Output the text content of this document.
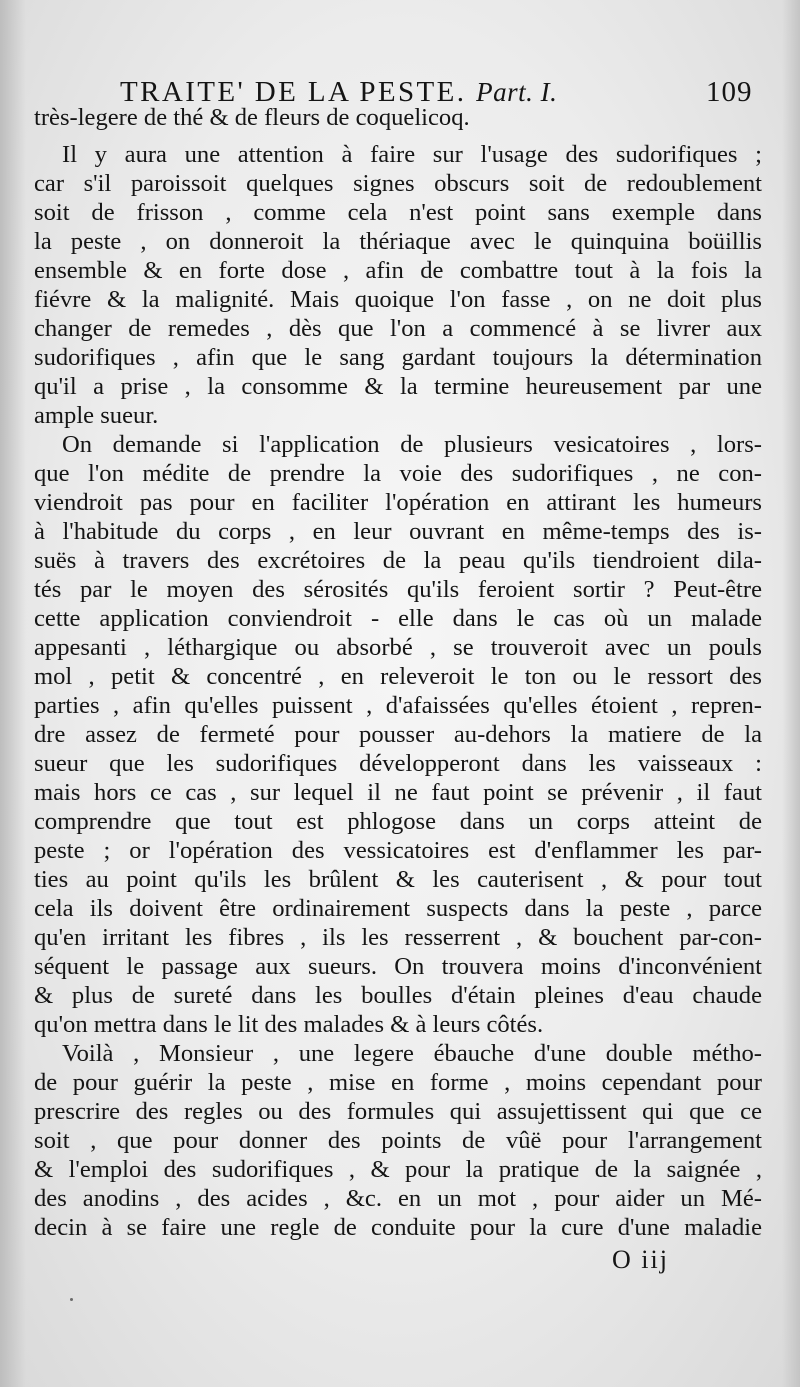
TRAITE' DE LA PESTE. Part. I.	109
très-legere de thé & de fleurs de coquelicoq.
Il y aura une attention à faire sur l'usage des sudorifiques ;
car s'il paroissoit quelques signes obscurs soit de redoublement
soit de frisson , comme cela n'est point sans exemple dans
la peste , on donneroit la thériaque avec le quinquina boüillis
ensemble & en forte dose , afin de combattre tout à la fois la
fiévre & la malignité. Mais quoique l'on fasse , on ne doit plus
changer de remedes , dès que l'on a commencé à se livrer aux
sudorifiques , afin que le sang gardant toujours la détermination
qu'il a prise , la consomme & la termine heureusement par une
ample sueur.
On demande si l'application de plusieurs vesicatoires , lors-
que l'on médite de prendre la voie des sudorifiques , ne con-
viendroit pas pour en faciliter l'opération en attirant les humeurs
à l'habitude du corps , en leur ouvrant en même-temps des is-
suës à travers des excrétoires de la peau qu'ils tiendroient dila-
tés par le moyen des sérosités qu'ils feroient sortir ? Peut-être
cette application conviendroit - elle dans le cas où un malade
appesanti , léthargique ou absorbé , se trouveroit avec un pouls
mol , petit & concentré , en releveroit le ton ou le ressort des
parties , afin qu'elles puissent , d'afaissées qu'elles étoient , repren-
dre assez de fermeté pour pousser au-dehors la matiere de la
sueur que les sudorifiques développeront dans les vaisseaux :
mais hors ce cas , sur lequel il ne faut point se prévenir , il faut
comprendre que tout est phlogose dans un corps atteint de
peste ; or l'opération des vessicatoires est d'enflammer les par-
ties au point qu'ils les brûlent & les cauterisent , & pour tout
cela ils doivent être ordinairement suspects dans la peste , parce
qu'en irritant les fibres , ils les resserrent , & bouchent par-con-
séquent le passage aux sueurs. On trouvera moins d'inconvénient
& plus de sureté dans les boulles d'étain pleines d'eau chaude
qu'on mettra dans le lit des malades & à leurs côtés.
Voilà , Monsieur , une legere ébauche d'une double métho-
de pour guérir la peste , mise en forme , moins cependant pour
prescrire des regles ou des formules qui assujettissent qui que ce
soit , que pour donner des points de vûë pour l'arrangement
& l'emploi des sudorifiques , & pour la pratique de la saignée ,
des anodins , des acides , &c. en un mot , pour aider un Mé-
decin à se faire une regle de conduite pour la cure d'une maladie
O iij
